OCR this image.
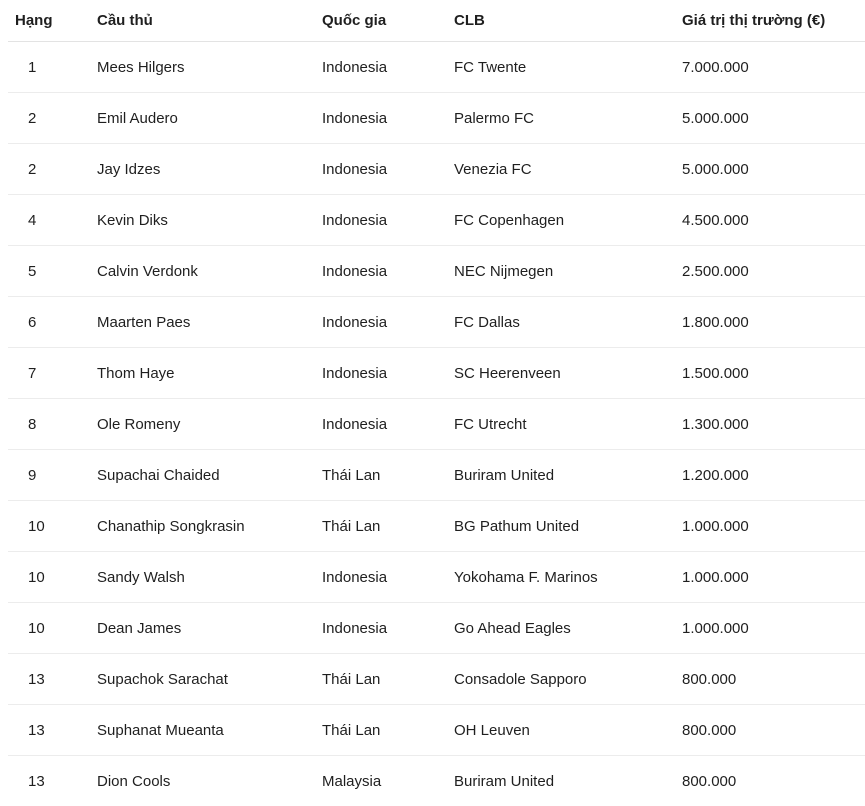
Hạng	Cầu thủ	Quốc gia	CLB	Giá trị thị trường (€)
1	Mees Hilgers	Indonesia	FC Twente	7.000.000
2	Emil Audero	Indonesia	Palermo FC	5.000.000
2	Jay Idzes	Indonesia	Venezia FC	5.000.000
4	Kevin Diks	Indonesia	FC Copenhagen	4.500.000
5	Calvin Verdonk	Indonesia	NEC Nijmegen	2.500.000
6	Maarten Paes	Indonesia	FC Dallas	1.800.000
7	Thom Haye	Indonesia	SC Heerenveen	1.500.000
8	Ole Romeny	Indonesia	FC Utrecht	1.300.000
9	Supachai Chaided	Thái Lan	Buriram United	1.200.000
10	Chanathip Songkrasin	Thái Lan	BG Pathum United	1.000.000
10	Sandy Walsh	Indonesia	Yokohama F. Marinos	1.000.000
10	Dean James	Indonesia	Go Ahead Eagles	1.000.000
13	Supachok Sarachat	Thái Lan	Consadole Sapporo	800.000
13	Suphanat Mueanta	Thái Lan	OH Leuven	800.000
13	Dion Cools	Malaysia	Buriram United	800.000
